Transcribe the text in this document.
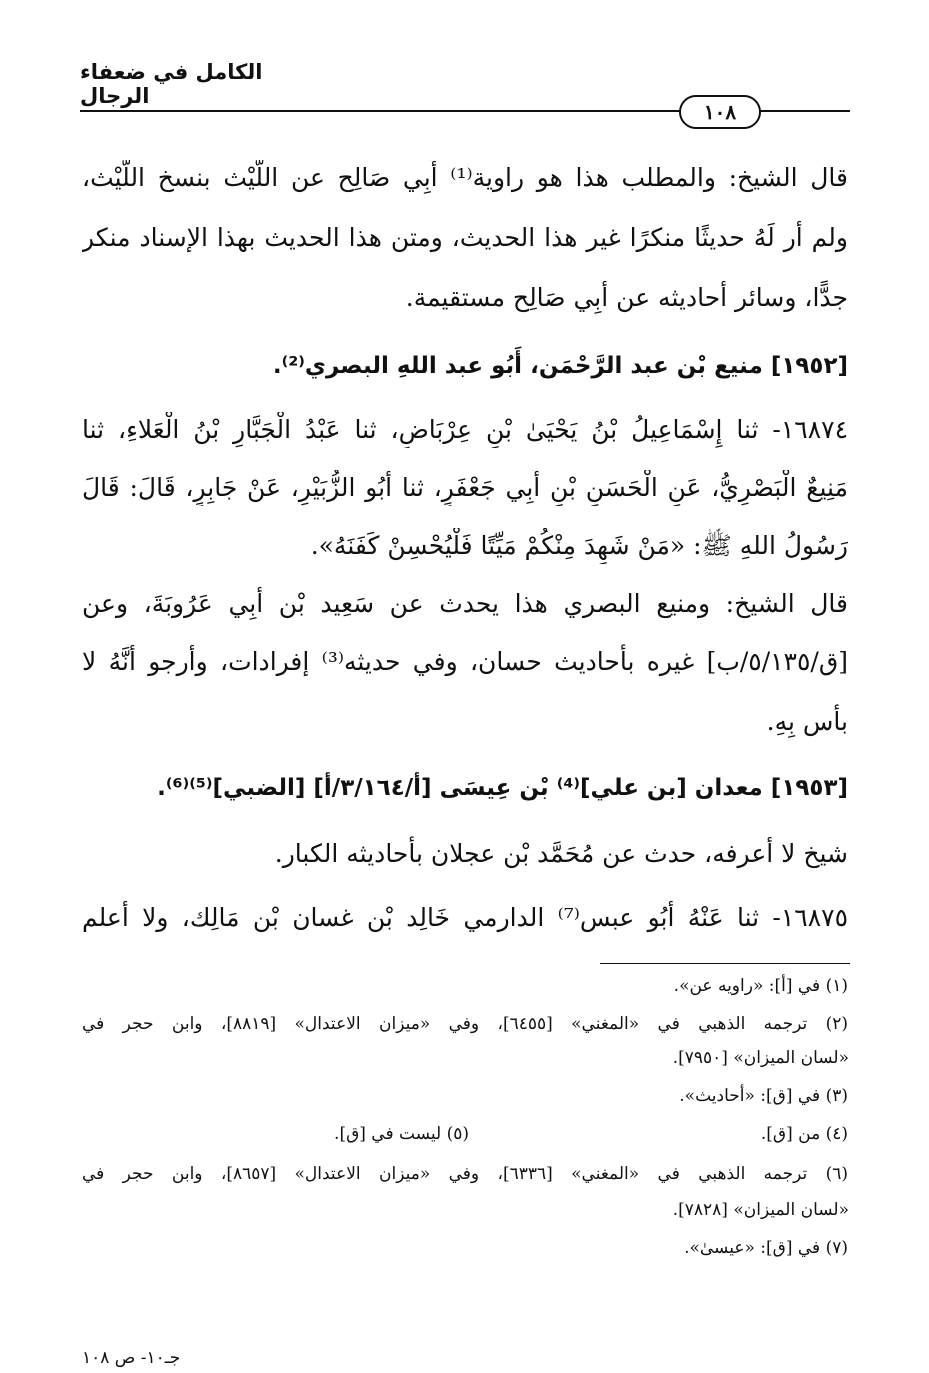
الكامل في ضعفاء الرجال
١٠٨
قال الشيخ: والمطلب هذا هو راوية⁽¹⁾ أَبِي صَالِح عن اللَّيْث بنسخ اللَّيْث،
ولم أر لَهُ حديثًا منكرًا غير هذا الحديث، ومتن هذا الحديث بهذا الإسناد منكر
جدًّا، وسائر أحاديثه عن أَبِي صَالِح مستقيمة.
[١٩٥٢] منيع بْن عبد الرَّحْمَن، أَبُو عبد اللهِ البصري⁽²⁾.
١٦٨٧٤- ثنا إِسْمَاعِيلُ بْنُ يَحْيَىٰ بْنِ عِرْبَاضٍ، ثنا عَبْدُ الْجَبَّارِ بْنُ الْعَلاءِ، ثنا
مَنِيعٌ الْبَصْرِيُّ، عَنِ الْحَسَنِ بْنِ أَبِي جَعْفَرٍ، ثنا أَبُو الزُّبَيْرِ، عَنْ جَابِرٍ، قَالَ: قَالَ
رَسُولُ اللهِ ﷺ: «مَنْ شَهِدَ مِنْكُمْ مَيِّتًا فَلْيُحْسِنْ كَفَنَهُ».
قال الشيخ: ومنيع البصري هذا يحدث عن سَعِيد بْن أَبِي عَرُوبَةَ، وعن
[ق/٥/١٣٥/ب] غيره بأحاديث حسان، وفي حديثه⁽³⁾ إفرادات، وأرجو أَنَّهُ لا
بأس بِهِ.
[١٩٥٣] معدان [بن علي]⁽⁴⁾ بْن عِيسَى [أ/٣/١٦٤/أ] [الضبي]⁽⁵⁾⁽⁶⁾.
شيخ لا أعرفه، حدث عن مُحَمَّد بْن عجلان بأحاديثه الكبار.
١٦٨٧٥- ثنا عَنْهُ أَبُو عبس⁽⁷⁾ الدارمي خَالِد بْن غسان بْن مَالِك، ولا أعلم
(١) في [أ]: «راويه عن».
(٢) ترجمه الذهبي في «المغني» [٦٤٥٥]، وفي «ميزان الاعتدال» [٨٨١٩]، وابن حجر في
«لسان الميزان» [٧٩٥٠].
(٣) في [ق]: «أحاديث».
(٤) من [ق].
(٥) ليست في [ق].
(٦) ترجمه الذهبي في «المغني» [٦٣٣٦]، وفي «ميزان الاعتدال» [٨٦٥٧]، وابن حجر في
«لسان الميزان» [٧٨٢٨].
(٧) في [ق]: «عيسىٰ».
جـ١٠- ص ١٠٨
